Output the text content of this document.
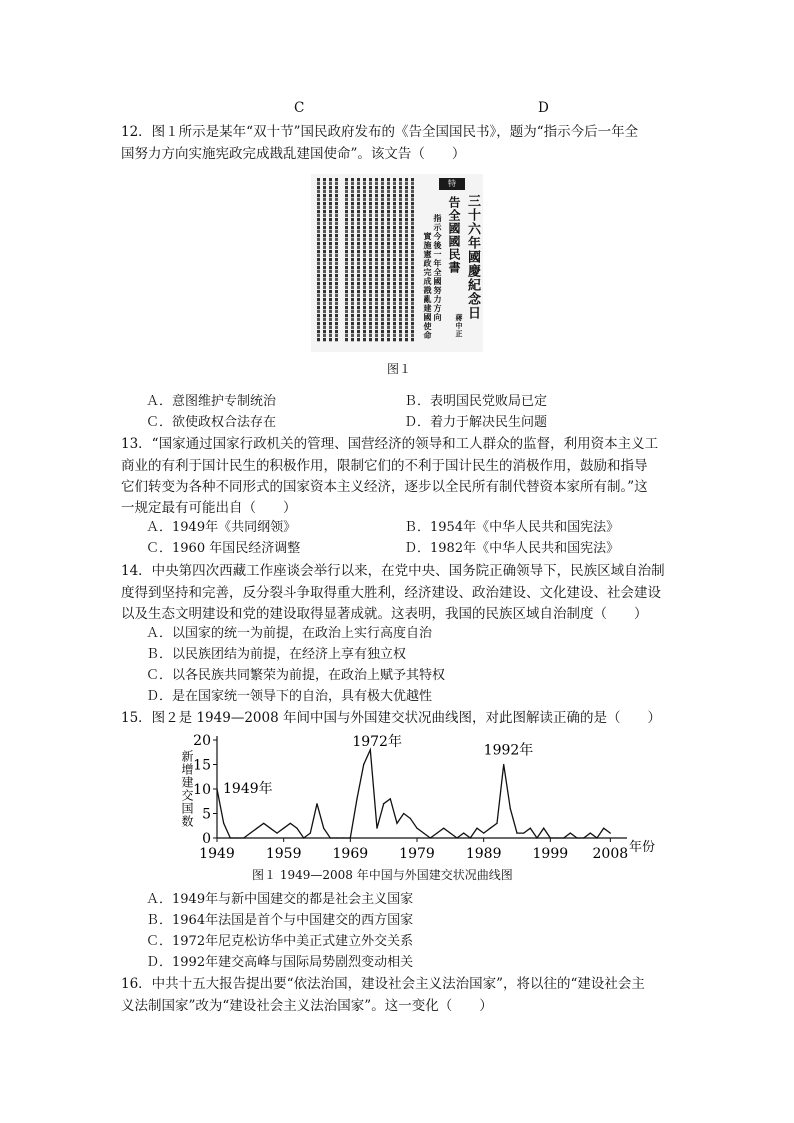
C	D
12．图１所示是某年“双十节”国民政府发布的《告全国国民书》，题为“指示今后一年全
国努力方向实施宪政完成戡乱建国使命”。该文告（　　）
實施憲政完成戡亂建國使命 指示今後一年全國努力方向 告全國國民書 三十六年國慶紀念日
蔣中正
特
图１
Ａ．意图维护专制统治	Ｂ．表明国民党败局已定
Ｃ．欲使政权合法存在	Ｄ．着力于解决民生问题
13．“国家通过国家行政机关的管理、国营经济的领导和工人群众的监督，利用资本主义工
商业的有利于国计民生的积极作用，限制它们的不利于国计民生的消极作用，鼓励和指导
它们转变为各种不同形式的国家资本主义经济，逐步以全民所有制代替资本家所有制。”这
一规定最有可能出自（　　）
Ａ．1949年《共同纲领》	Ｂ．1954年《中华人民共和国宪法》
Ｃ．1960 年国民经济调整	Ｄ．1982年《中华人民共和国宪法》
14．中央第四次西藏工作座谈会举行以来，在党中央、国务院正确领导下，民族区域自治制
度得到坚持和完善，反分裂斗争取得重大胜利，经济建设、政治建设、文化建设、社会建设
以及生态文明建设和党的建设取得显著成就。这表明，我国的民族区域自治制度（　　）
Ａ．以国家的统一为前提，在政治上实行高度自治
Ｂ．以民族团结为前提，在经济上享有独立权
Ｃ．以各民族共同繁荣为前提，在政治上赋予其特权
Ｄ．是在国家统一领导下的自治，具有极大优越性
15．图２是 1949—2008 年间中国与外国建交状况曲线图，对此图解读正确的是（　　）
新增建交国数
年份
0
5
10
15
20
1949 1959 1969 1979 1989 1999 2008
1949年
1972年
1992年
图１ 1949—2008 年中国与外国建交状况曲线图
Ａ．1949年与新中国建交的都是社会主义国家
Ｂ．1964年法国是首个与中国建交的西方国家
Ｃ．1972年尼克松访华中美正式建立外交关系
Ｄ．1992年建交高峰与国际局势剧烈变动相关
16．中共十五大报告提出要“依法治国，建设社会主义法治国家”，将以往的“建设社会主
义法制国家”改为“建设社会主义法治国家”。这一变化（　　）
